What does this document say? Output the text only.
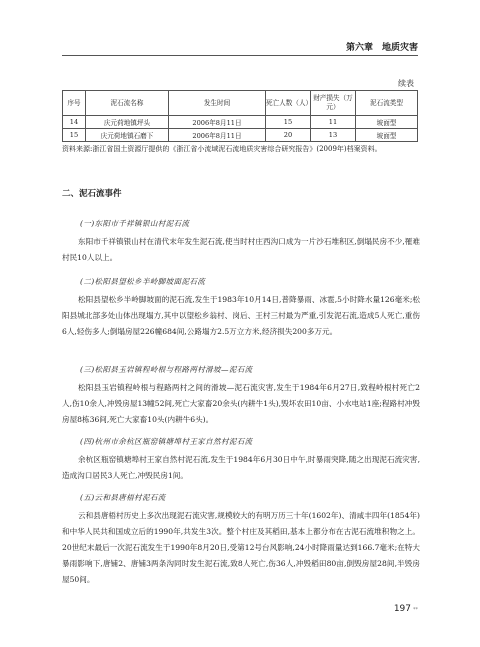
第六章　地质灾害
续表
序号	泥石流名称	发生时间	死亡人数（人）	财产损失（万元）	泥石流类型
14	庆元荷地镇坪头	2006年8月11日	15	11	坡面型
15	庆元荷地镇石磨下	2006年8月11日	20	13	坡面型
资料来源:浙江省国土资源厅提供的《浙江省小流域泥石流地质灾害综合研究报告》(2009年)档案资料。
二、泥石流事件
(一)东阳市千祥镇银山村泥石流

东阳市千祥镇银山村在清代末年发生泥石流,使当时村庄西沟口成为一片沙石堆积区,倒塌民房不少,罹难村民10人以上。

(二)松阳县望松乡半岭脚坡面泥石流

松阳县望松乡半岭脚坡面的泥石流,发生于1983年10月14日,普降暴雨、冰雹,5小时降水量126毫米;松阳县城北部多处山体出现塌方,其中以望松乡翁村、岗后、王村三村最为严重,引发泥石流,造成5人死亡,重伤6人,轻伤多人;倒塌房屋226幢684间,公路塌方2.5万立方米,经济损失200多万元。

(三)松阳县玉岩镇程岭根与程路两村滑坡—泥石流

松阳县玉岩镇程岭根与程路两村之间的滑坡—泥石流灾害,发生于1984年6月27日,致程岭根村死亡2人,伤10余人,冲毁房屋13幢52间,死亡大家畜20余头(内耕牛1头),毁坏农田10亩、小水电站1座;程路村冲毁房屋8栋36间,死亡大家畜10头(内耕牛6头)。

(四)杭州市余杭区瓶窑镇塘埠村王家自然村泥石流

余杭区瓶窑镇塘埠村王家自然村泥石流,发生于1984年6月30日中午,时暴雨突降,随之出现泥石流灾害,造成沟口居民3人死亡,冲毁民房1间。

(五)云和县唐梧村泥石流

云和县唐梧村历史上多次出现泥石流灾害,规模较大的有明万历三十年(1602年)、清咸丰四年(1854年)和中华人民共和国成立后的1990年,共发生3次。整个村庄及其稻田,基本上都分布在古泥石流堆积物之上。20世纪末最后一次泥石流发生于1990年8月20日,受第12号台风影响,24小时降雨量达到166.7毫米;在特大暴雨影响下,唐铺2、唐铺3两条沟同时发生泥石流,致8人死亡,伤36人,冲毁稻田80亩,倒毁房屋28间,半毁房屋50间。

197 **
